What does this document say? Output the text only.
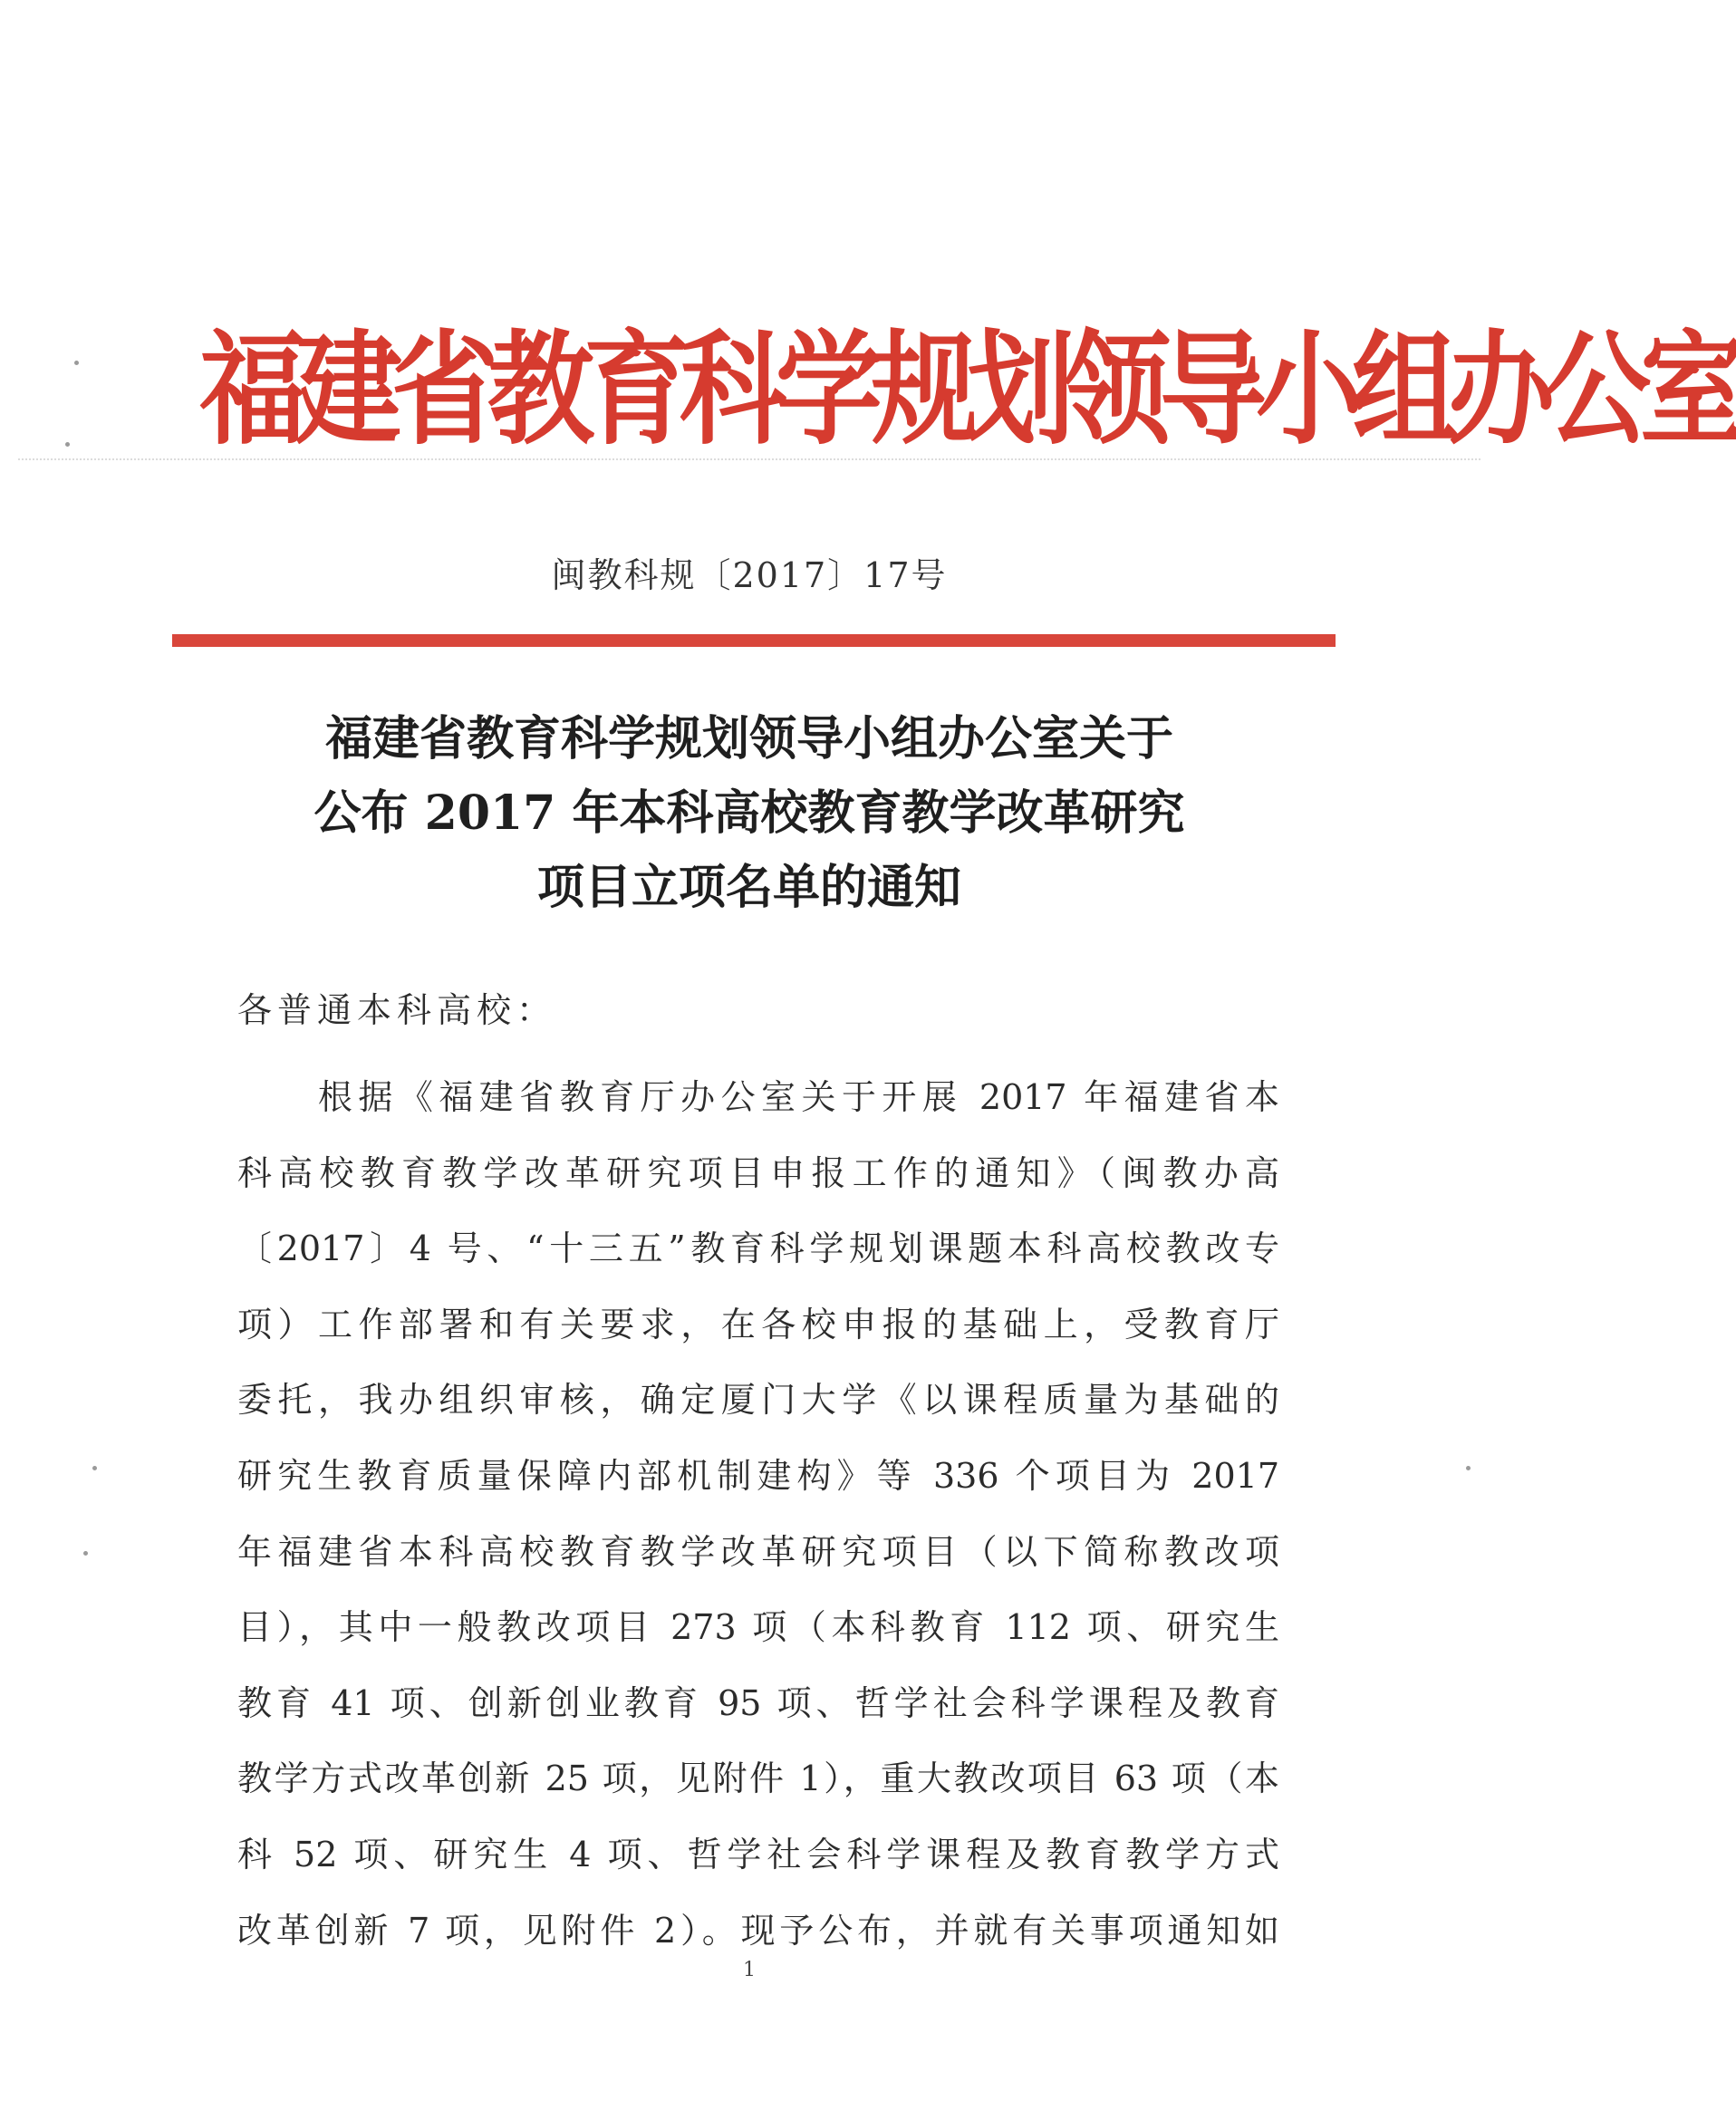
福建省教育科学规划领导小组办公室
闽教科规〔2017〕17号
福建省教育科学规划领导小组办公室关于
公布 2017 年本科高校教育教学改革研究
项目立项名单的通知
各普通本科高校：
　　根据《福建省教育厅办公室关于开展 2017 年福建省本
科高校教育教学改革研究项目申报工作的通知》（闽教办高
〔2017〕4 号、“十三五”教育科学规划课题本科高校教改专
项）工作部署和有关要求，在各校申报的基础上，受教育厅
委托，我办组织审核，确定厦门大学《以课程质量为基础的
研究生教育质量保障内部机制建构》等 336 个项目为 2017
年福建省本科高校教育教学改革研究项目（以下简称教改项
目），其中一般教改项目 273 项（本科教育 112 项、研究生
教育 41 项、创新创业教育 95 项、哲学社会科学课程及教育
教学方式改革创新 25 项，见附件 1），重大教改项目 63 项（本
科 52 项、研究生 4 项、哲学社会科学课程及教育教学方式
改革创新 7 项，见附件 2）。现予公布，并就有关事项通知如
1
